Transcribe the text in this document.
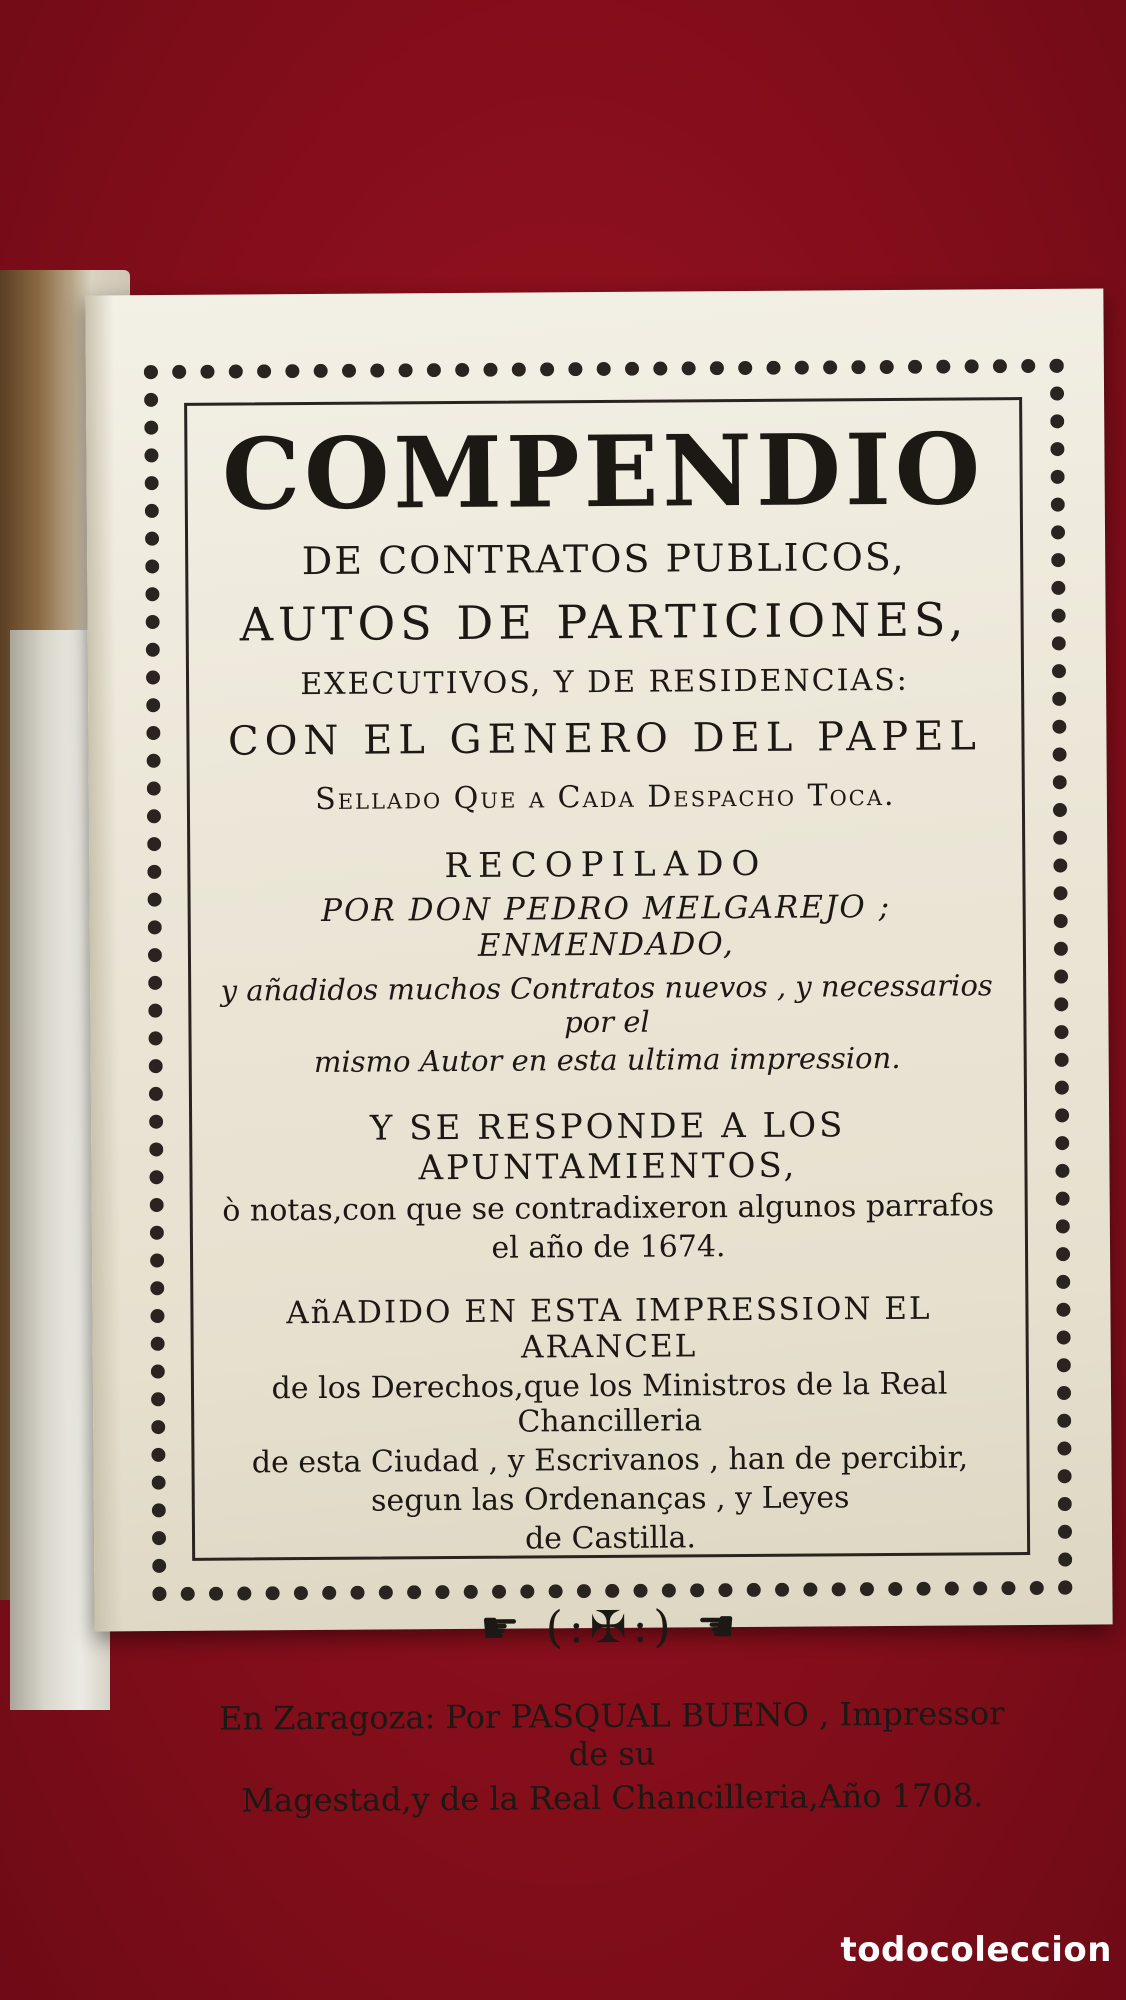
COMPENDIO

DE CONTRATOS PUBLICOS,

AUTOS DE PARTICIONES,

EXECUTIVOS, Y DE RESIDENCIAS:

CON EL GENERO DEL PAPEL

Sellado Que a Cada Despacho Toca.

RECOPILADO

POR DON PEDRO MELGAREJO ; ENMENDADO,

y añadidos muchos Contratos nuevos , y necessarios por el

mismo Autor en esta ultima impression.

Y SE RESPONDE A LOS APUNTAMIENTOS,

ò notas,con que se contradixeron algunos parrafos

el año de 1674.

AñADIDO EN ESTA IMPRESSION EL ARANCEL

de los Derechos,que los Ministros de la Real Chancilleria

de esta Ciudad , y Escrivanos , han de percibir,

segun las Ordenanças , y Leyes

de Castilla.

☛ (:✠:) ☚

En Zaragoza: Por PASQUAL BUENO , Impressor de su

Magestad,y de la Real Chancilleria,Año 1708.

todocoleccion
